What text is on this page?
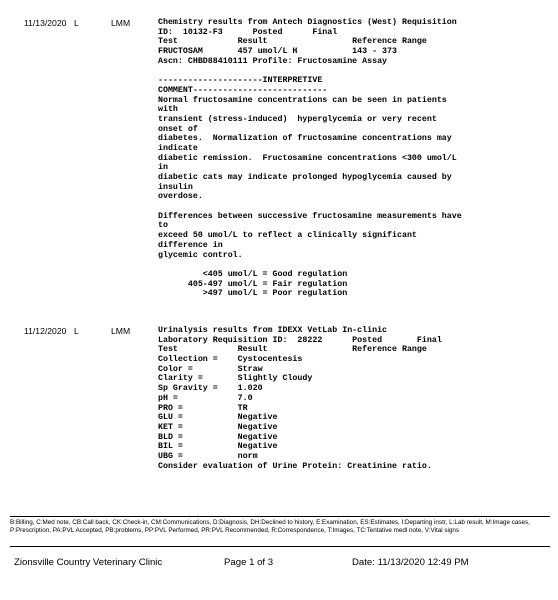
11/13/2020 L	LMM	Chemistry results from Antech Diagnostics (West) Requisition
ID:  10132-F3      Posted      Final
Test            Result                 Reference Range
FRUCTOSAM       457 umol/L H           143 - 373
Ascn: CHBD88410111 Profile: Fructosamine Assay
---------------------INTERPRETIVE
COMMENT---------------------------
Normal fructosamine concentrations can be seen in patients
with
transient (stress-induced)  hyperglycemia or very recent
onset of
diabetes.  Normalization of fructosamine concentrations may
indicate
diabetic remission.  Fructosamine concentrations <300 umol/L
in
diabetic cats may indicate prolonged hypoglycemia caused by
insulin
overdose.
Differences between successive fructosamine measurements have
to
exceed 50 umol/L to reflect a clinically significant
difference in
glycemic control.
<405 umol/L = Good regulation
405-497 umol/L = Fair regulation
>497 umol/L = Poor regulation
11/12/2020 L	LMM	Urinalysis results from IDEXX VetLab In-clinic
Laboratory Requisition ID:  28222      Posted       Final
Test            Result                 Reference Range
Collection =    Cystocentesis
Color =         Straw
Clarity =       Slightly Cloudy
Sp Gravity =    1.020
pH =            7.0
PRO =           TR
GLU =           Negative
KET =           Negative
BLD =           Negative
BIL =           Negative
UBG =           norm
Consider evaluation of Urine Protein: Creatinine ratio.
B:Billing, C:Med note, CB:Call back, CK:Check-in, CM:Communications, D:Diagnosis, DH:Declined to history, E:Examination, ES:Estimates, I:Departing instr, L:Lab result, M:Image cases, P:Prescription, PA:PVL Accepted, PB:problems, PP:PVL Performed, PR:PVL Recommended, R:Correspondence, T:Images, TC:Tentative medl note, V:Vital signs
Zionsville Country Veterinary Clinic	Page 1 of 3	Date: 11/13/2020 12:49 PM
